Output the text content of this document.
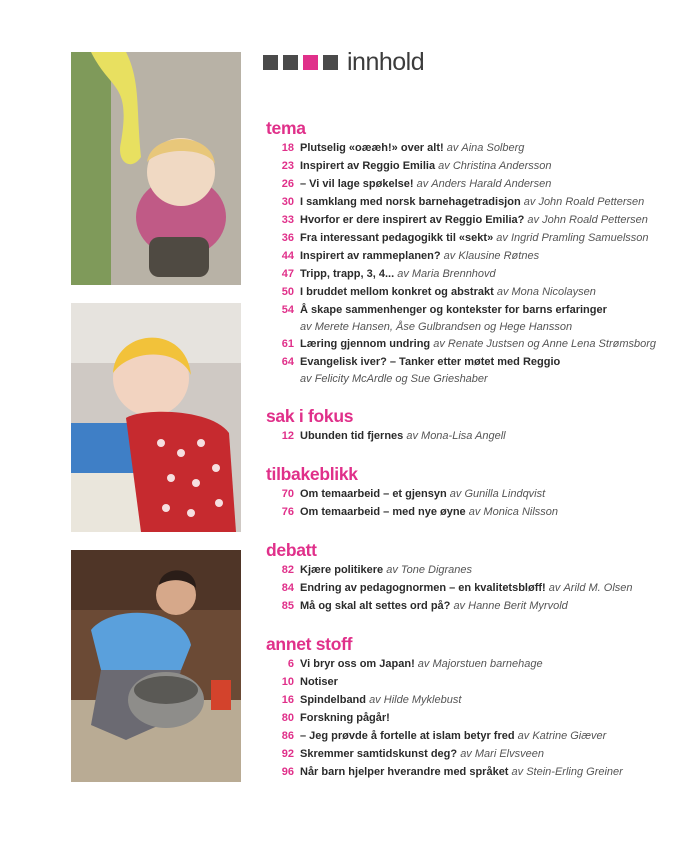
innhold
tema
18 Plutselig «oææh!» over alt! av Aina Solberg
23 Inspirert av Reggio Emilia av Christina Andersson
26 – Vi vil lage spøkelse! av Anders Harald Andersen
30 I samklang med norsk barnehagetradisjon av John Roald Pettersen
33 Hvorfor er dere inspirert av Reggio Emilia? av John Roald Pettersen
36 Fra interessant pedagogikk til «sekt» av Ingrid Pramling Samuelsson
44 Inspirert av rammeplanen? av Klausine Røtnes
47 Tripp, trapp, 3, 4... av Maria Brennhovd
50 I bruddet mellom konkret og abstrakt av Mona Nicolaysen
54 Å skape sammenhenger og kontekster for barns erfaringer
av Merete Hansen, Åse Gulbrandsen og Hege Hansson
61 Læring gjennom undring av Renate Justsen og Anne Lena Strømsborg
64 Evangelisk iver? – Tanker etter møtet med Reggio
av Felicity McArdle og Sue Grieshaber
sak i fokus
12 Ubunden tid fjernes av Mona-Lisa Angell
tilbakeblikk
70 Om temaarbeid – et gjensyn av Gunilla Lindqvist
76 Om temaarbeid – med nye øyne av Monica Nilsson
debatt
82 Kjære politikere av Tone Digranes
84 Endring av pedagognormen – en kvalitetsbløff! av Arild M. Olsen
85 Må og skal alt settes ord på? av Hanne Berit Myrvold
annet stoff
6 Vi bryr oss om Japan! av Majorstuen barnehage
10 Notiser
16 Spindelband av Hilde Myklebust
80 Forskning pågår!
86 – Jeg prøvde å fortelle at islam betyr fred av Katrine Giæver
92 Skremmer samtidskunst deg? av Mari Elvsveen
96 Når barn hjelper hverandre med språket av Stein-Erling Greiner
